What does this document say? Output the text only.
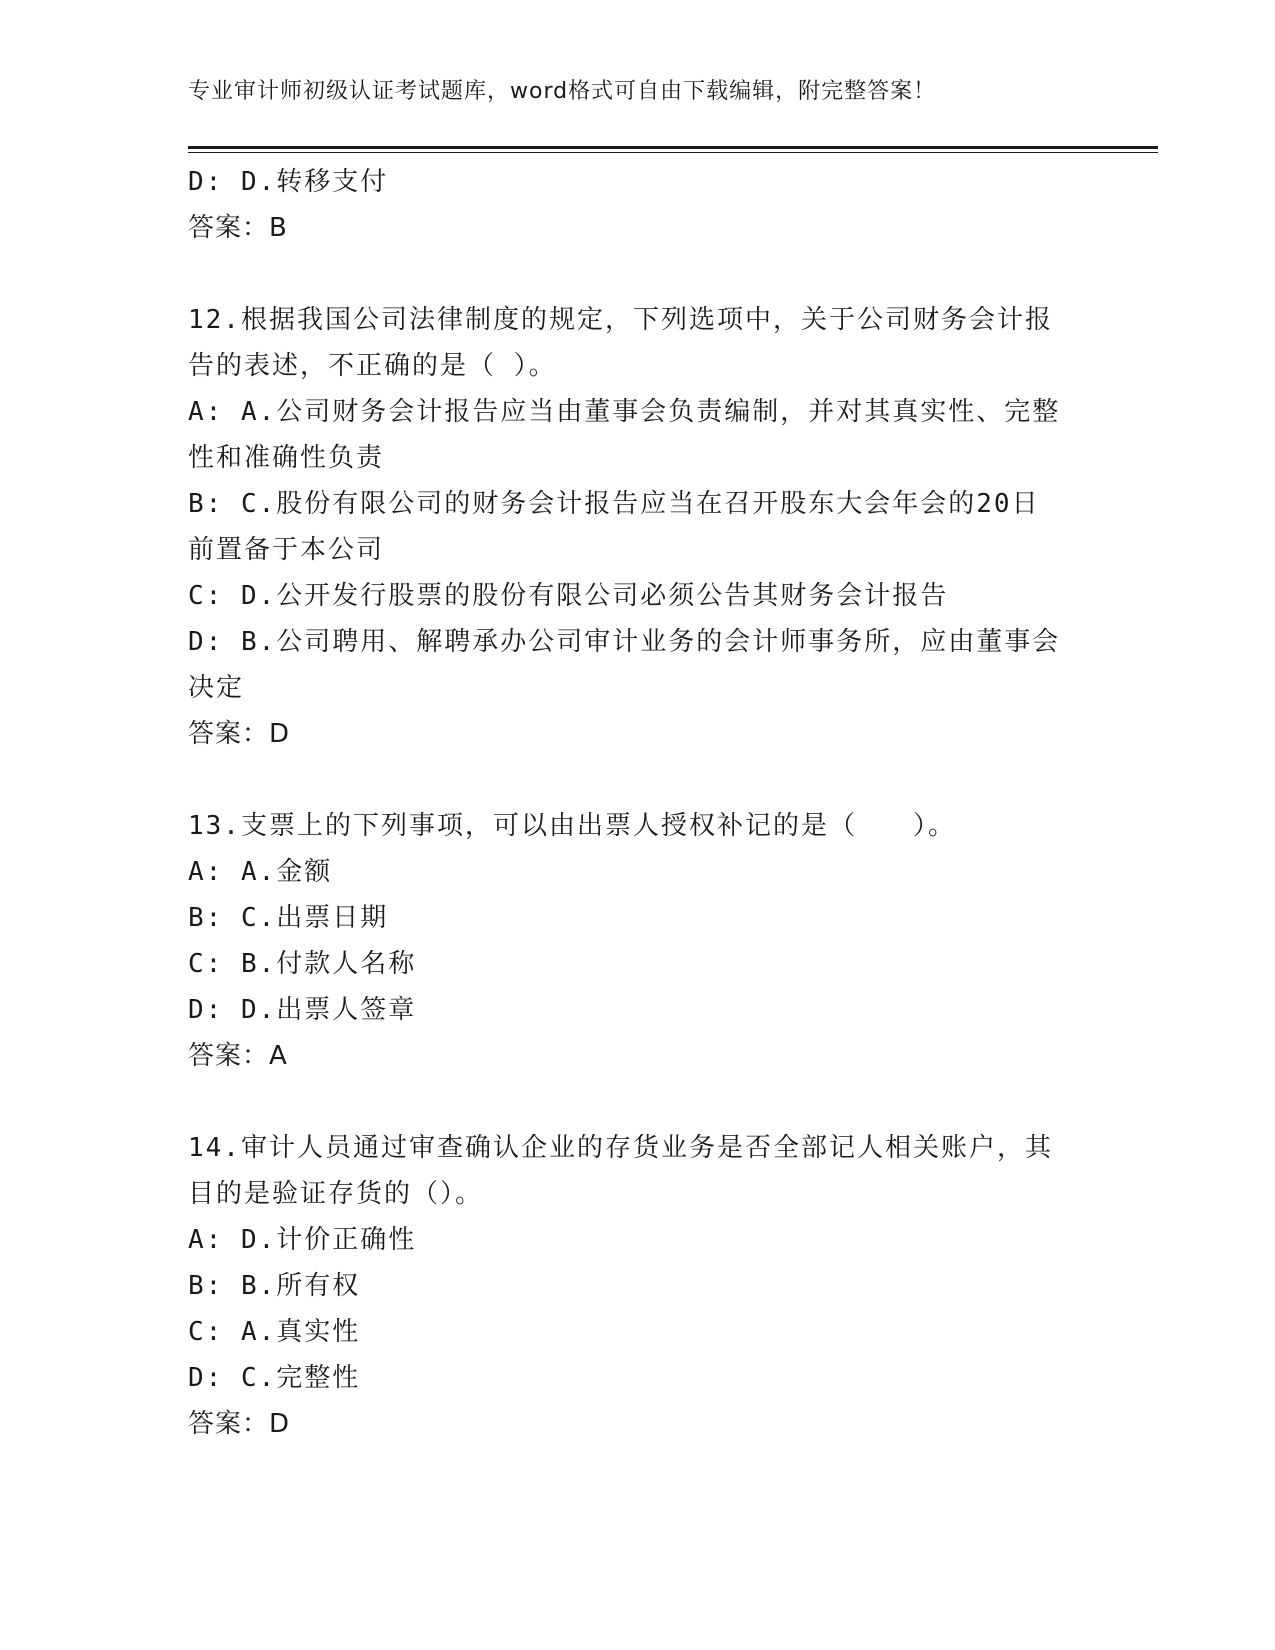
专业审计师初级认证考试题库，word格式可自由下载编辑，附完整答案！
D: D.转移支付
答案：B
12.根据我国公司法律制度的规定，下列选项中，关于公司财务会计报
告的表述，不正确的是（ ）。
A: A.公司财务会计报告应当由董事会负责编制，并对其真实性、完整
性和准确性负责
B: C.股份有限公司的财务会计报告应当在召开股东大会年会的20日
前置备于本公司
C: D.公开发行股票的股份有限公司必须公告其财务会计报告
D: B.公司聘用、解聘承办公司审计业务的会计师事务所，应由董事会
决定
答案：D
13.支票上的下列事项，可以由出票人授权补记的是（　　）。
A: A.金额
B: C.出票日期
C: B.付款人名称
D: D.出票人签章
答案：A
14.审计人员通过审查确认企业的存货业务是否全部记人相关账户，其
目的是验证存货的（）。
A: D.计价正确性
B: B.所有权
C: A.真实性
D: C.完整性
答案：D
